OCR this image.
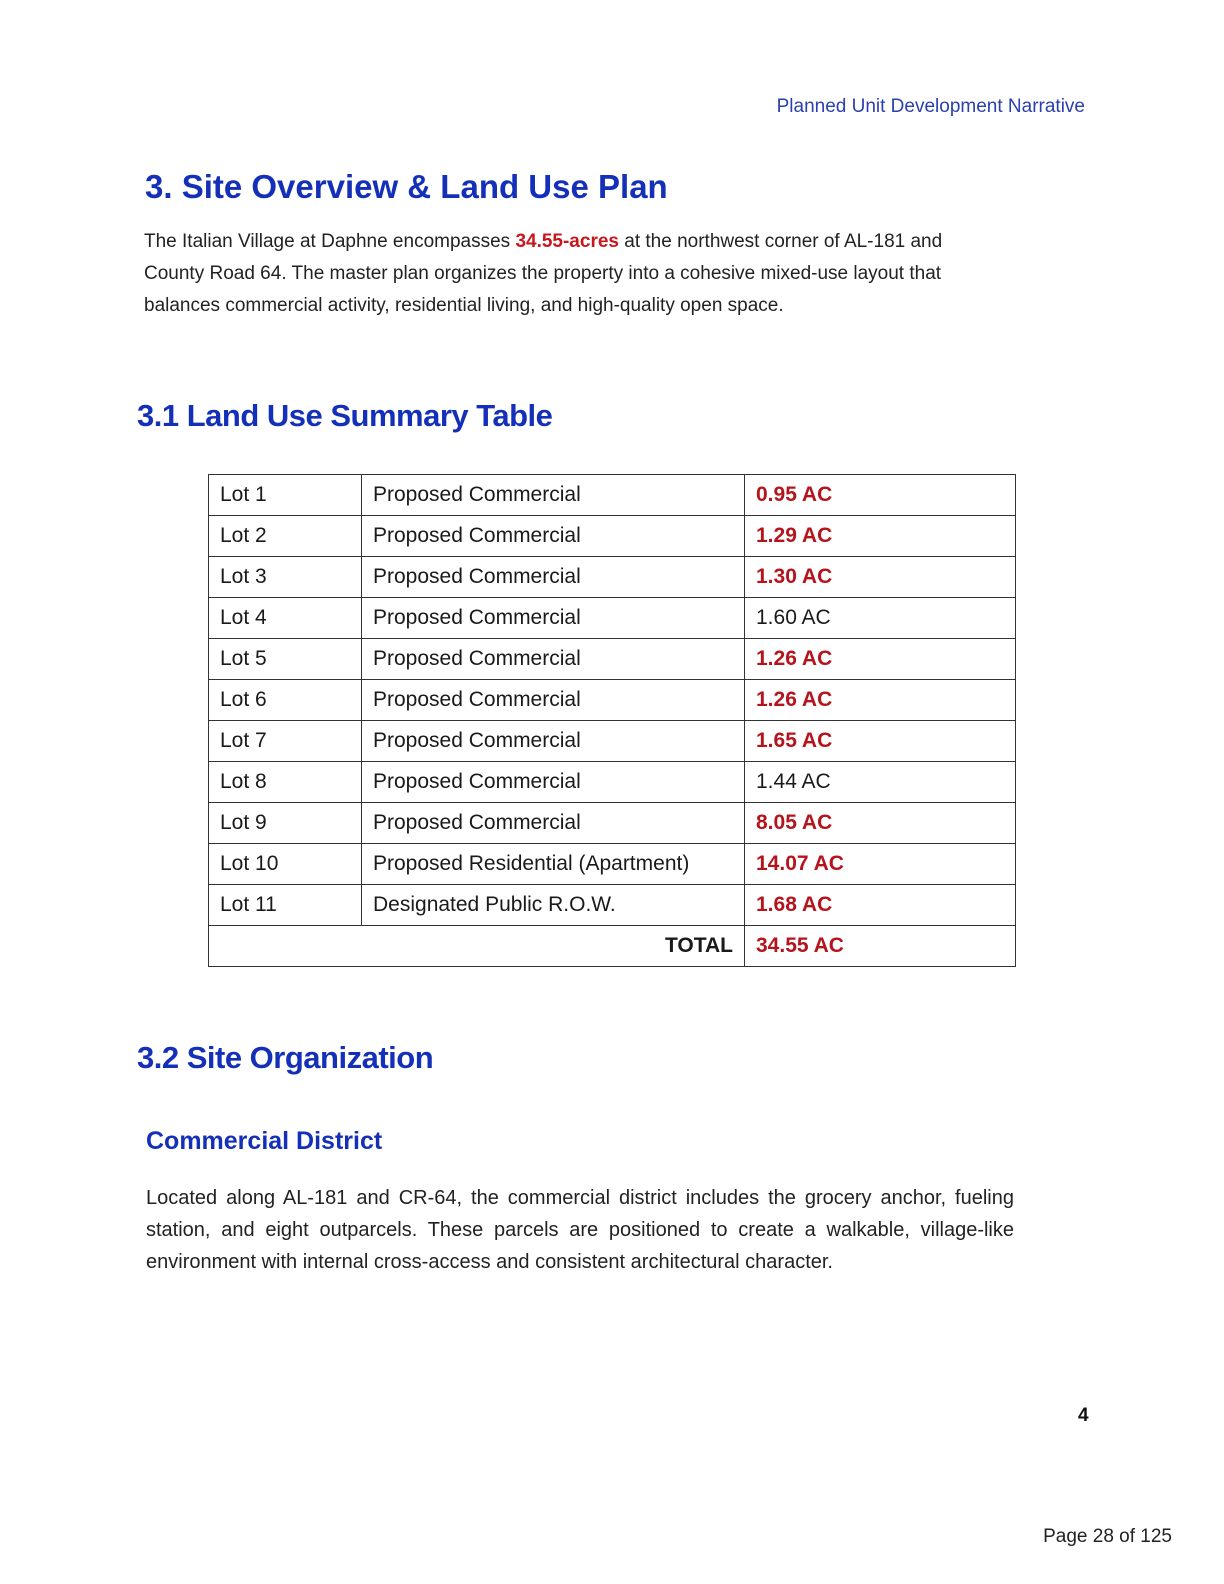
Planned Unit Development Narrative
3. Site Overview & Land Use Plan

The Italian Village at Daphne encompasses 34.55-acres at the northwest corner of AL-181 and County Road 64. The master plan organizes the property into a cohesive mixed-use layout that balances commercial activity, residential living, and high-quality open space.

3.1 Land Use Summary Table
Lot 1	Proposed Commercial	0.95 AC
Lot 2	Proposed Commercial	1.29 AC
Lot 3	Proposed Commercial	1.30 AC
Lot 4	Proposed Commercial	1.60 AC
Lot 5	Proposed Commercial	1.26 AC
Lot 6	Proposed Commercial	1.26 AC
Lot 7	Proposed Commercial	1.65 AC
Lot 8	Proposed Commercial	1.44 AC
Lot 9	Proposed Commercial	8.05 AC
Lot 10	Proposed Residential (Apartment)	14.07 AC
Lot 11	Designated Public R.O.W.	1.68 AC
TOTAL		34.55 AC
3.2 Site Organization
Commercial District

Located along AL-181 and CR-64, the commercial district includes the grocery anchor, fueling station, and eight outparcels. These parcels are positioned to create a walkable, village-like environment with internal cross-access and consistent architectural character.

4
Page 28 of 125
